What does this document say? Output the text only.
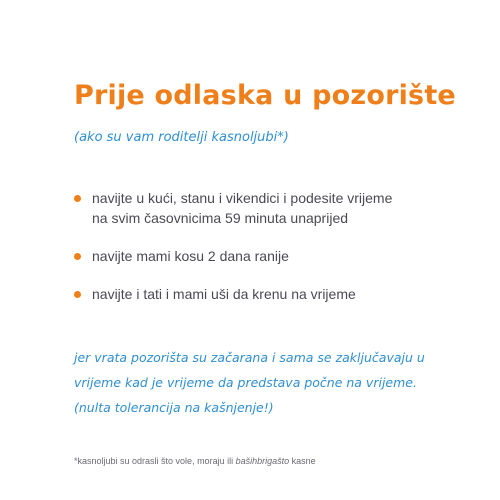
Prije odlaska u pozorište

(ako su vam roditelji kasnoljubi*)

navijte u kući, stanu i vikendici i podesite vrijeme
na svim časovnicima 59 minuta unaprijed
navijte mami kosu 2 dana ranije
navijte i tati i mami uši da krenu na vrijeme

jer vrata pozorišta su začarana i sama se zaključavaju u
vrijeme kad je vrijeme da predstava počne na vrijeme.
(nulta tolerancija na kašnjenje!)

*kasnoljubi su odrasli što vole, moraju ili bašihbrigašto kasne
